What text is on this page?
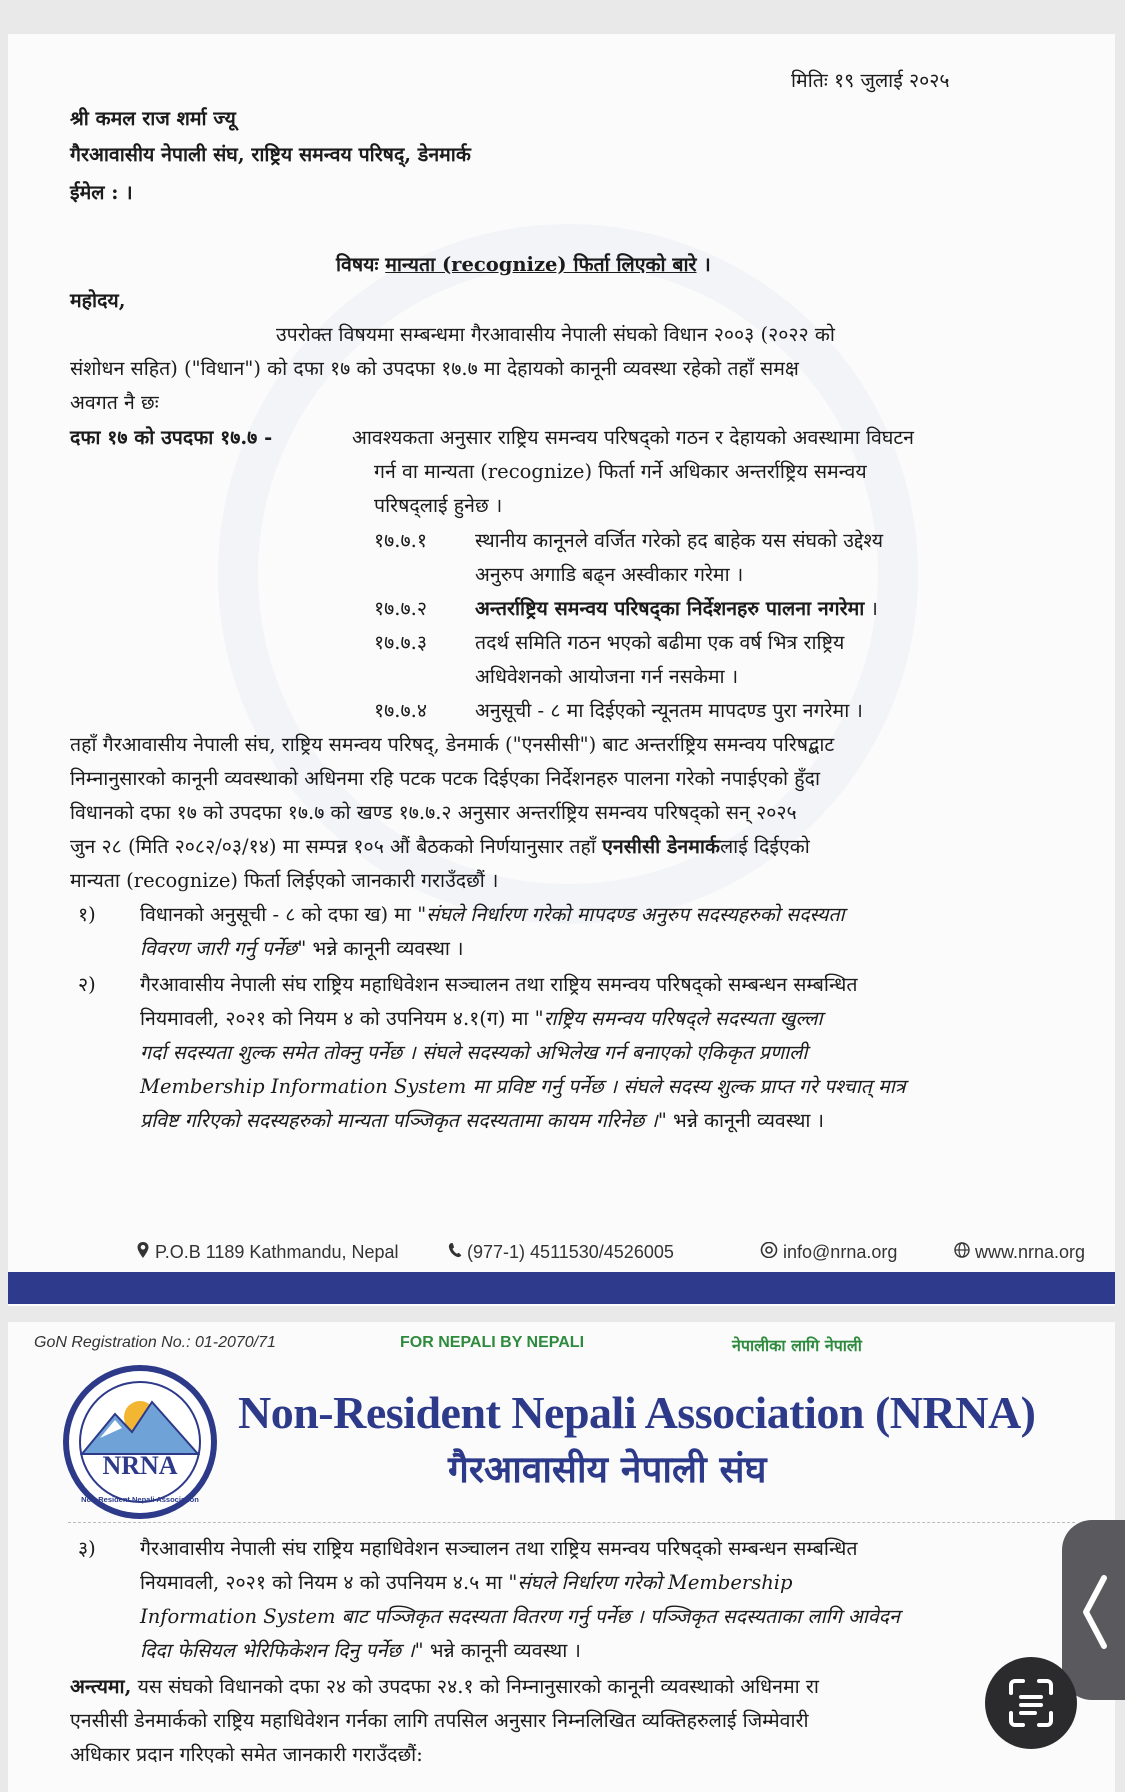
मितिः १९ जुलाई २०२५

श्री कमल राज शर्मा ज्यू

गैरआवासीय नेपाली संघ, राष्ट्रिय समन्वय परिषद्, डेनमार्क

ईमेल : ।

विषयः मान्यता (recognize) फिर्ता लिएको बारे ।

महोदय,

उपरोक्त विषयमा सम्बन्धमा गैरआवासीय नेपाली संघको विधान २००३ (२०२२ को

संशोधन सहित) ("विधान") को दफा १७ को उपदफा १७.७ मा देहायको कानूनी व्यवस्था रहेको तहाँ समक्ष

अवगत नै छः

दफा १७ को उपदफा १७.७ -	आवश्यकता अनुसार राष्ट्रिय समन्वय परिषद्को गठन र देहायको अवस्थामा विघटन

गर्न वा मान्यता (recognize) फिर्ता गर्ने अधिकार अन्तर्राष्ट्रिय समन्वय

परिषद्लाई हुनेछ ।

१७.७.१ स्थानीय कानूनले वर्जित गरेको हद बाहेक यस संघको उद्देश्य

अनुरुप अगाडि बढ्न अस्वीकार गरेमा ।

१७.७.२ अन्तर्राष्ट्रिय समन्वय परिषद्का निर्देशनहरु पालना नगरेमा ।

१७.७.३ तदर्थ समिति गठन भएको बढीमा एक वर्ष भित्र राष्ट्रिय

अधिवेशनको आयोजना गर्न नसकेमा ।

१७.७.४ अनुसूची - ८ मा दिईएको न्यूनतम मापदण्ड पुरा नगरेमा ।

तहाँ गैरआवासीय नेपाली संघ, राष्ट्रिय समन्वय परिषद्, डेनमार्क ("एनसीसी") बाट अन्तर्राष्ट्रिय समन्वय परिषद्बाट

निम्नानुसारको कानूनी व्यवस्थाको अधिनमा रहि पटक पटक दिईएका निर्देशनहरु पालना गरेको नपाईएको हुँदा

विधानको दफा १७ को उपदफा १७.७ को खण्ड १७.७.२ अनुसार अन्तर्राष्ट्रिय समन्वय परिषद्को सन् २०२५

जुन २८ (मिति २०८२/०३/१४) मा सम्पन्न १०५ औं बैठकको निर्णयानुसार तहाँ एनसीसी डेनमार्कलाई दिईएको

मान्यता (recognize) फिर्ता लिईएको जानकारी गराउँदछौं ।

१) विधानको अनुसूची - ८ को दफा ख) मा "संघले निर्धारण गरेको मापदण्ड अनुरुप सदस्यहरुको सदस्यता

विवरण जारी गर्नु पर्नेछ" भन्ने कानूनी व्यवस्था ।

२) गैरआवासीय नेपाली संघ राष्ट्रिय महाधिवेशन सञ्चालन तथा राष्ट्रिय समन्वय परिषद्को सम्बन्धन सम्बन्धित

नियमावली, २०२१ को नियम ४ को उपनियम ४.१(ग) मा "राष्ट्रिय समन्वय परिषद्ले सदस्यता खुल्ला

गर्दा सदस्यता शुल्क समेत तोक्नु पर्नेछ । संघले सदस्यको अभिलेख गर्न बनाएको एकिकृत प्रणाली

Membership Information System मा प्रविष्ट गर्नु पर्नेछ । संघले सदस्य शुल्क प्राप्त गरे पश्चात् मात्र

प्रविष्ट गरिएको सदस्यहरुको मान्यता पञ्जिकृत सदस्यतामा कायम गरिनेछ ।" भन्ने कानूनी व्यवस्था ।

P.O.B 1189 Kathmandu, Nepal	(977-1) 4511530/4526005	info@nrna.org	www.nrna.org
GoN Registration No.: 01-2070/71	FOR NEPALI BY NEPALI	नेपालीका लागि नेपाली
NRNA
Non-Resident Nepali Association
Non-Resident Nepali Association (NRNA)
गैरआवासीय नेपाली संघ

३) गैरआवासीय नेपाली संघ राष्ट्रिय महाधिवेशन सञ्चालन तथा राष्ट्रिय समन्वय परिषद्को सम्बन्धन सम्बन्धित

नियमावली, २०२१ को नियम ४ को उपनियम ४.५ मा "संघले निर्धारण गरेको Membership

Information System बाट पञ्जिकृत सदस्यता वितरण गर्नु पर्नेछ । पञ्जिकृत सदस्यताका लागि आवेदन

दिदा फेसियल भेरिफिकेशन दिनु पर्नेछ ।" भन्ने कानूनी व्यवस्था ।

अन्त्यमा, यस संघको विधानको दफा २४ को उपदफा २४.१ को निम्नानुसारको कानूनी व्यवस्थाको अधिनमा रा

एनसीसी डेनमार्कको राष्ट्रिय महाधिवेशन गर्नका लागि तपसिल अनुसार निम्नलिखित व्यक्तिहरुलाई जिम्मेवारी

अधिकार प्रदान गरिएको समेत जानकारी गराउँदछौं:
